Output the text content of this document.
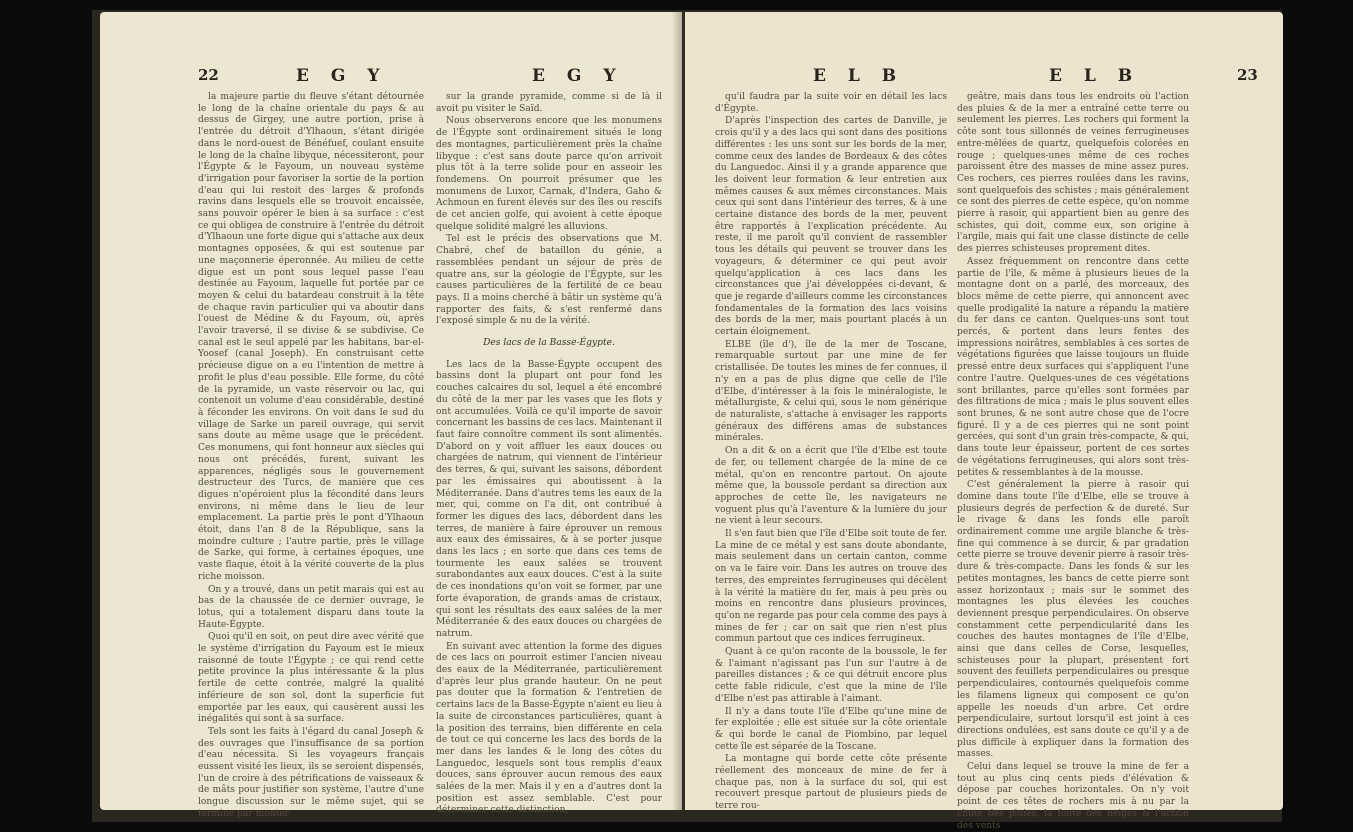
22	E G Y	E G Y

la majeure partie du fleuve s'étant détournée le long de la chaîne orientale du pays & au dessus de Girgey, une autre portion, prise à l'entrée du détroit d'Ylhaoun, s'étant dirigée dans le nord-ouest de Bénéfuef, coulant ensuite le long de la chaîne libyque, nécessiteront, pour l'Égypte & le Fayoum, un nouveau système d'irrigation pour favoriser la sortie de la portion d'eau qui lui restoit des larges & profonds ravins dans lesquels elle se trouvoit encaissée, sans pouvoir opérer le bien à sa surface : c'est ce qui obligea de construire à l'entrée du détroit d'Ylhaoun une forte digue qui s'attache aux deux montagnes opposées, & qui est soutenue par une maçonnerie éperonnée. Au milieu de cette digue est un pont sous lequel passe l'eau destinée au Fayoum, laquelle fut portée par ce moyen & celui du batardeau construit à la tête de chaque ravin particulier qui va aboutir dans l'ouest de Médine & du Fayoum, où, après l'avoir traversé, il se divise & se subdivise. Ce canal est le seul appelé par les habitans, bar-el-Yoosef (canal Joseph). En construisant cette précieuse digue on a eu l'intention de mettre à profit le plus d'eau possible. Elle forme, du côté de la pyramide, un vaste réservoir ou lac, qui contenoit un volume d'eau considérable, destiné à féconder les environs. On voit dans le sud du village de Sarke un pareil ouvrage, qui servit sans doute au même usage que le précédent. Ces monumens, qui font honneur aux siècles qui nous ont précédés, furent, suivant les apparences, négligés sous le gouvernement destructeur des Turcs, de manière que ces digues n'opéroient plus la fécondité dans leurs environs, ni même dans le lieu de leur emplacement. La partie près le pont d'Ylhaoun étoit, dans l'an 8 de la République, sans la moindre culture ; l'autre partie, près le village de Sarke, qui forme, à certaines époques, une vaste flaque, étoit à la vérité couverte de la plus riche moisson.

On y a trouvé, dans un petit marais qui est au bas de la chaussée de ce dernier ouvrage, le lotus, qui a totalement disparu dans toute la Haute-Égypte.

Quoi qu'il en soit, on peut dire avec vérité que le système d'irrigation du Fayoum est le mieux raisonné de toute l'Égypte ; ce qui rend cette petite province la plus intéressante & la plus fertile de cette contrée, malgré la qualité inférieure de son sol, dont la superficie fut emportée par les eaux, qui causèrent aussi les inégalités qui sont à sa surface.

Tels sont les faits à l'égard du canal Joseph & des ouvrages que l'insuffisance de sa portion d'eau nécessita. Si les voyageurs français eussent visité les lieux, ils se seroient dispensés, l'un de croire à des pétrifications de vaisseaux & de mâts pour justifier son système, l'autre d'une longue discussion sur le même sujet, qui se termine par monter

sur la grande pyramide, comme si de là il avoit pu visiter le Saïd.

Nous observerons encore que les monumens de l'Égypte sont ordinairement situés le long des montagnes, particulièrement près la chaîne libyque : c'est sans doute parce qu'on arrivoit plus tôt à la terre solide pour en asseoir les fondemens. On pourroit présumer que les monumens de Luxor, Carnak, d'Indera, Gaho & Achmoun en furent élevés sur des îles ou rescifs de cet ancien golfe, qui avoient à cette époque quelque solidité malgré les alluvions.

Tel est le précis des observations que M. Chabré, chef de bataillon du génie, a rassemblées pendant un séjour de près de quatre ans, sur la géologie de l'Égypte, sur les causes particulières de la fertilité de ce beau pays. Il a moins cherché à bâtir un système qu'à rapporter des faits, & s'est renfermé dans l'exposé simple & nu de la vérité.

Des lacs de la Basse-Égypte.

Les lacs de la Basse-Égypte occupent des bassins dont la plupart ont pour fond les couches calcaires du sol, lequel a été encombré du côté de la mer par les vases que les flots y ont accumulées. Voilà ce qu'il importe de savoir concernant les bassins de ces lacs. Maintenant il faut faire connoître comment ils sont alimentés. D'abord on y voit affluer les eaux douces ou chargées de natrum, qui viennent de l'intérieur des terres, & qui, suivant les saisons, débordent par les émissaires qui aboutissent à la Méditerranée. Dans d'autres tems les eaux de la mer, qui, comme on l'a dit, ont contribué à former les digues des lacs, débordent dans les terres, de manière à faire éprouver un remous aux eaux des émissaires, & à se porter jusque dans les lacs ; en sorte que dans ces tems de tourmente les eaux salées se trouvent surabondantes aux eaux douces. C'est à la suite de ces inondations qu'on voit se former, par une forte évaporation, de grands amas de cristaux, qui sont les résultats des eaux salées de la mer Méditerranée & des eaux douces ou chargées de natrum.

En suivant avec attention la forme des digues de ces lacs on pourroit estimer l'ancien niveau des eaux de la Méditerranée, particulièrement d'après leur plus grande hauteur. On ne peut pas douter que la formation & l'entretien de certains lacs de la Basse-Égypte n'aient eu lieu à la suite de circonstances particulières, quant à la position des terrains, bien différente en cela de tout ce qui concerne les lacs des bords de la mer dans les landes & le long des côtes du Languedoc, lesquels sont tous remplis d'eaux douces, sans éprouver aucun remous des eaux salées de la mer. Mais il y en a d'autres dont la position est assez semblable. C'est pour déterminer cette distinction,

E L B	E L B	23

qu'il faudra par la suite voir en détail les lacs d'Égypte.

D'après l'inspection des cartes de Danville, je crois qu'il y a des lacs qui sont dans des positions différentes : les uns sont sur les bords de la mer, comme ceux des landes de Bordeaux & des côtes du Languedoc. Ainsi il y a grande apparence que les doivent leur formation & leur entretien aux mêmes causes & aux mêmes circonstances. Mais ceux qui sont dans l'intérieur des terres, & à une certaine distance des bords de la mer, peuvent être rapportés à l'explication précédente. Au reste, il me paroît qu'il convient de rassembler tous les détails qui peuvent se trouver dans les voyageurs, & déterminer ce qui peut avoir quelqu'application à ces lacs dans les circonstances que j'ai développées ci-devant, & que je regarde d'ailleurs comme les circonstances fondamentales de la formation des lacs voisins des bords de la mer, mais pourtant placés à un certain éloignement.

ELBE (île d'), île de la mer de Toscane, remarquable surtout par une mine de fer cristallisée. De toutes les mines de fer connues, il n'y en a pas de plus digne que celle de l'île d'Elbe, d'intéresser à la fois le minéralogiste, le métallurgiste, & celui qui, sous le nom générique de naturaliste, s'attache à envisager les rapports généraux des différens amas de substances minérales.

On a dit & on a écrit que l'île d'Elbe est toute de fer, ou tellement chargée de la mine de ce métal, qu'on en rencontre partout. On ajoute même que, la boussole perdant sa direction aux approches de cette île, les navigateurs ne voguent plus qu'à l'aventure & la lumière du jour ne vient à leur secours.

Il s'en faut bien que l'île d'Elbe soit toute de fer. La mine de ce métal y est sans doute abondante, mais seulement dans un certain canton, comme on va le faire voir. Dans les autres on trouve des terres, des empreintes ferrugineuses qui décèlent à la vérité la matière du fer, mais à peu près ou moins en rencontre dans plusieurs provinces, qu'on ne regarde pas pour cela comme des pays à mines de fer ; car on sait que rien n'est plus commun partout que ces indices ferrugineux.

Quant à ce qu'on raconte de la boussole, le fer & l'aimant n'agissant pas l'un sur l'autre à de pareilles distances ; & ce qui détruit encore plus cette fable ridicule, c'est que la mine de l'île d'Elbe n'est pas attirable à l'aimant.

Il n'y a dans toute l'île d'Elbe qu'une mine de fer exploitée ; elle est située sur la côte orientale & qui borde le canal de Piombino, par lequel cette île est séparée de la Toscane.

La montagne qui borde cette côte présente réellement des monceaux de mine de fer à chaque pas, non à la surface du sol, qui est recouvert presque partout de plusieurs pieds de terre rou-

geâtre, mais dans tous les endroits où l'action des pluies & de la mer a entraîné cette terre ou seulement les pierres. Les rochers qui forment la côte sont tous sillonnés de veines ferrugineuses entre-mêlées de quartz, quelquefois colorées en rouge ; quelques-unes même de ces roches paroissent être des masses de mine assez pures. Ces rochers, ces pierres roulées dans les ravins, sont quelquefois des schistes ; mais généralement ce sont des pierres de cette espèce, qu'on nomme pierre à rasoir, qui appartient bien au genre des schistes, qui doit, comme eux, son origine à l'argile, mais qui fait une classe distincte de celle des pierres schisteuses proprement dites.

Assez fréquemment on rencontre dans cette partie de l'île, & même à plusieurs lieues de la montagne dont on a parlé, des morceaux, des blocs même de cette pierre, qui annoncent avec quelle prodigalité la nature a répandu la matière du fer dans ce canton. Quelques-uns sont tout percés, & portent dans leurs fentes des impressions noirâtres, semblables à ces sortes de végétations figurées que laisse toujours un fluide pressé entre deux surfaces qui s'appliquent l'une contre l'autre. Quelques-unes de ces végétations sont brillantes, parce qu'elles sont formées par des filtrations de mica ; mais le plus souvent elles sont brunes, & ne sont autre chose que de l'ocre figuré. Il y a de ces pierres qui ne sont point gercées, qui sont d'un grain très-compacte, & qui, dans toute leur épaisseur, portent de ces sortes de végétations ferrugineuses, qui alors sont très-petites & ressemblantes à de la mousse.

C'est généralement la pierre à rasoir qui domine dans toute l'île d'Elbe, elle se trouve à plusieurs degrés de perfection & de dureté. Sur le rivage & dans les fonds elle paroît ordinairement comme une argile blanche & très-fine qui commence à se durcir, & par gradation cette pierre se trouve devenir pierre à rasoir très-dure & très-compacte. Dans les fonds & sur les petites montagnes, les bancs de cette pierre sont assez horizontaux ; mais sur le sommet des montagnes les plus élevées les couches deviennent presque perpendiculaires. On observe constamment cette perpendicularité dans les couches des hautes montagnes de l'île d'Elbe, ainsi que dans celles de Corse, lesquelles, schisteuses pour la plupart, présentent fort souvent des feuillets perpendiculaires ou presque perpendiculaires, contournés quelquefois comme les filamens ligneux qui composent ce qu'on appelle les noeuds d'un arbre. Cet ordre perpendiculaire, surtout lorsqu'il est joint à ces directions ondulées, est sans doute ce qu'il y a de plus difficile à expliquer dans la formation des masses.

Celui dans lequel se trouve la mine de fer a tout au plus cinq cents pieds d'élévation & dépose par couches horizontales. On n'y voit point de ces têtes de rochers mis à nu par la chute des pluies, la fonte des neiges & l'action des vents
